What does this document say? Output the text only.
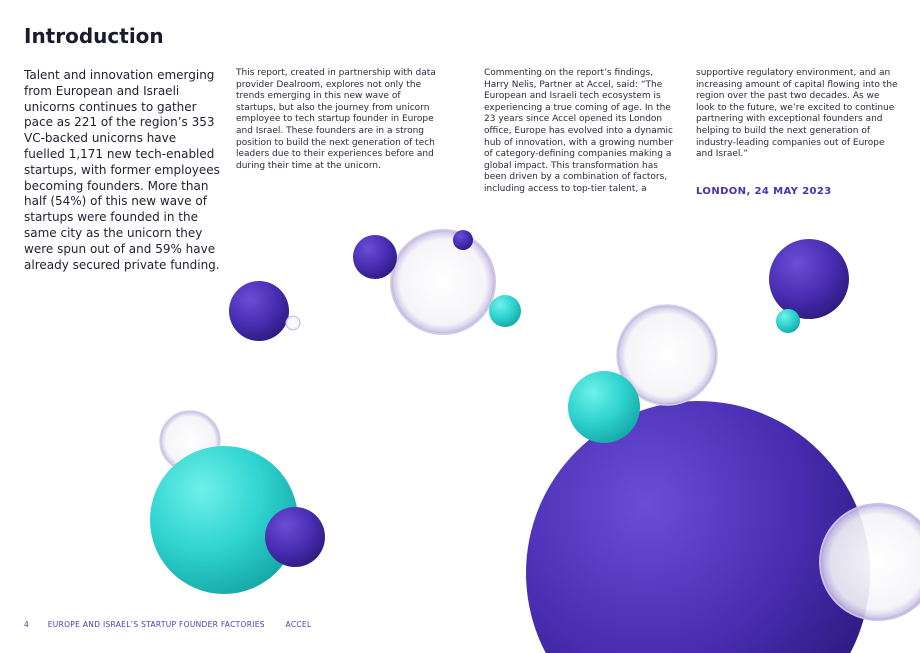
Introduction
Talent and innovation emerging from European and Israeli unicorns continues to gather pace as 221 of the region’s 353 VC-backed unicorns have fuelled 1,171 new tech-enabled startups, with former employees becoming founders. More than half (54%) of this new wave of startups were founded in the same city as the unicorn they were spun out of and 59% have already secured private funding.
This report, created in partnership with data provider Dealroom, explores not only the trends emerging in this new wave of startups, but also the journey from unicorn employee to tech startup founder in Europe and Israel. These founders are in a strong position to build the next generation of tech leaders due to their experiences before and during their time at the unicorn.
Commenting on the report’s findings, Harry Nelis, Partner at Accel, said: “The European and Israeli tech ecosystem is experiencing a true coming of age. In the 23 years since Accel opened its London office, Europe has evolved into a dynamic hub of innovation, with a growing number of category-defining companies making a global impact. This transformation has been driven by a combination of factors, including access to top-tier talent, a
supportive regulatory environment, and an increasing amount of capital flowing into the region over the past two decades. As we look to the future, we’re excited to continue partnering with exceptional founders and helping to build the next generation of industry-leading companies out of Europe and Israel.”
LONDON, 24 MAY 2023
4 EUROPE AND ISRAEL’S STARTUP FOUNDER FACTORIES	ACCEL
